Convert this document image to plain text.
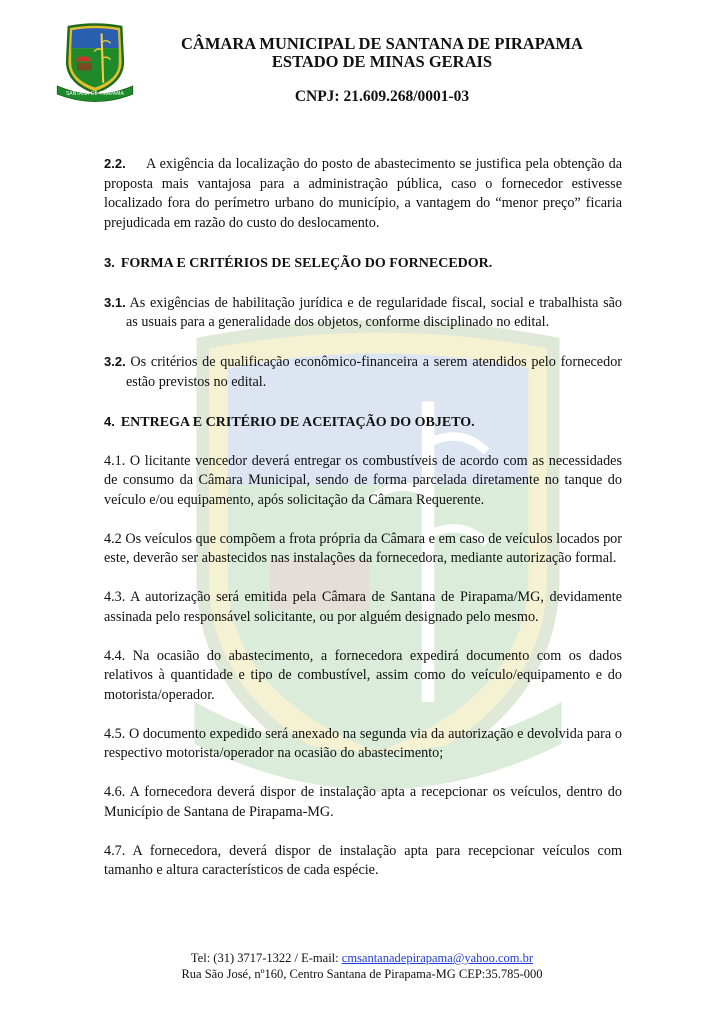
SANTANA DE PIRAPAMA
CÂMARA MUNICIPAL DE SANTANA DE PIRAPAMA
ESTADO DE MINAS GERAIS
CNPJ: 21.609.268/0001-03

2.2. A exigência da localização do posto de abastecimento se justifica pela obtenção da proposta mais vantajosa para a administração pública, caso o fornecedor estivesse localizado fora do perímetro urbano do município, a vantagem do “menor preço” ficaria prejudicada em razão do custo do deslocamento.

3. FORMA E CRITÉRIOS DE SELEÇÃO DO FORNECEDOR.

3.1. As exigências de habilitação jurídica e de regularidade fiscal, social e trabalhista são as usuais para a generalidade dos objetos, conforme disciplinado no edital.

3.2. Os critérios de qualificação econômico-financeira a serem atendidos pelo fornecedor estão previstos no edital.

4. ENTREGA E CRITÉRIO DE ACEITAÇÃO DO OBJETO.

4.1. O licitante vencedor deverá entregar os combustíveis de acordo com as necessidades de consumo da Câmara Municipal, sendo de forma parcelada diretamente no tanque do veículo e/ou equipamento, após solicitação da Câmara Requerente.

4.2 Os veículos que compõem a frota própria da Câmara e em caso de veículos locados por este, deverão ser abastecidos nas instalações da fornecedora, mediante autorização formal.

4.3. A autorização será emitida pela Câmara de Santana de Pirapama/MG, devidamente assinada pelo responsável solicitante, ou por alguém designado pelo mesmo.

4.4. Na ocasião do abastecimento, a fornecedora expedirá documento com os dados relativos à quantidade e tipo de combustível, assim como do veículo/equipamento e do motorista/operador.

4.5. O documento expedido será anexado na segunda via da autorização e devolvida para o respectivo motorista/operador na ocasião do abastecimento;

4.6. A fornecedora deverá dispor de instalação apta a recepcionar os veículos, dentro do Município de Santana de Pirapama-MG.

4.7. A fornecedora, deverá dispor de instalação apta para recepcionar veículos com tamanho e altura característicos de cada espécie.

Tel: (31) 3717-1322 / E-mail: cmsantanadepirapama@yahoo.com.br
Rua São José, nº160, Centro Santana de Pirapama-MG CEP:35.785-000
